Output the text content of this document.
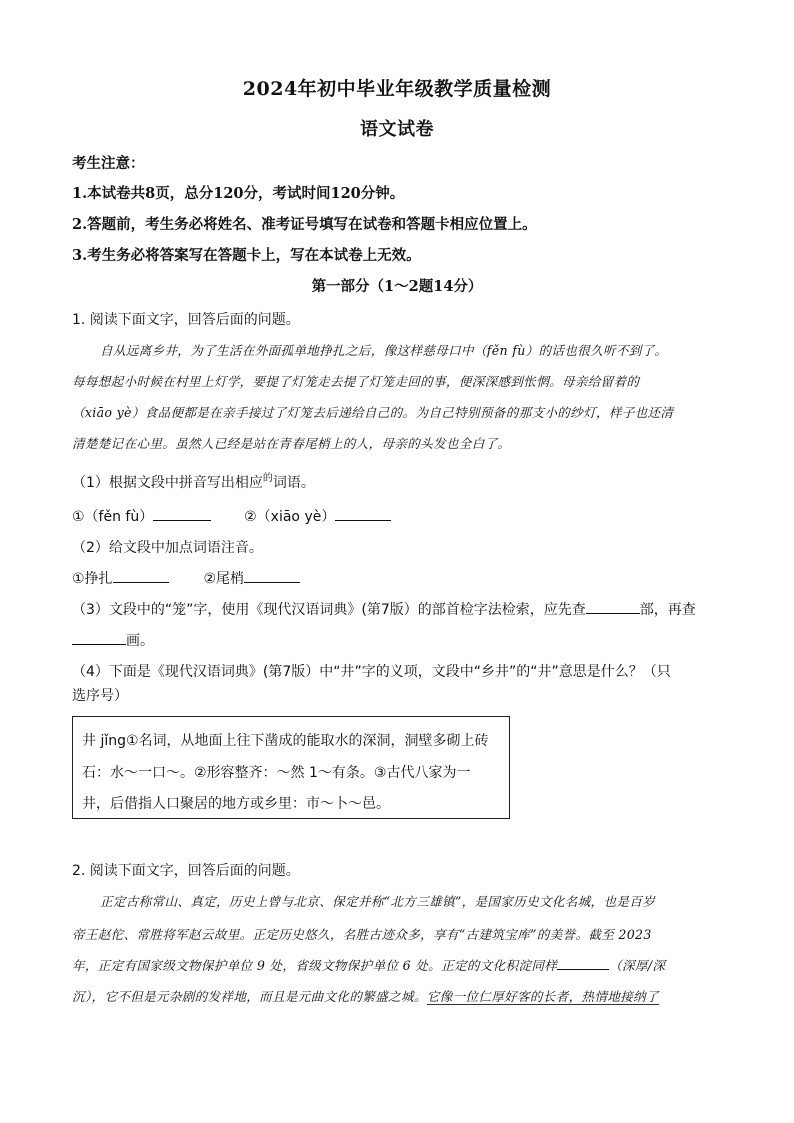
2024年初中毕业年级教学质量检测
语文试卷
考生注意：
1.本试卷共8页，总分120分，考试时间120分钟。
2.答题前，考生务必将姓名、准考证号填写在试卷和答题卡相应位置上。
3.考生务必将答案写在答题卡上，写在本试卷上无效。
第一部分（1～2题14分）
1. 阅读下面文字，回答后面的问题。
自从远离乡井，为了生活在外面孤单地挣扎之后，像这样慈母口中（fěn fù）的话也很久听不到了。
每每想起小时候在村里上灯学，要提了灯笼走去提了灯笼走回的事，便深深感到怅惘。母亲给留着的
（xiāo yè）食品便都是在亲手接过了灯笼去后递给自己的。为自己特别预备的那支小的纱灯，样子也还清
清楚楚记在心里。虽然人已经是站在青春尾梢上的人，母亲的头发也全白了。
（1）根据文段中拼音写出相应$^的$词语。
①（fěn fù）	②（xiāo yè）
（2）给文段中加点词语注音。
①挣扎	②尾梢
（3）文段中的“笼”字，使用《现代汉语词典》(第7版）的部首检字法检索，应先查	部，再查
画。
（4）下面是《现代汉语词典》(第7版）中“井”字的义项，文段中“乡井”的“井”意思是什么？（只
选序号）
井 jǐng①名词，从地面上往下凿成的能取水的深洞，洞壁多砌上砖
石：水～一口～。②形容整齐：～然 1～有条。③古代八家为一
井，后借指人口聚居的地方或乡里：市～卜～邑。
2. 阅读下面文字，回答后面的问题。
正定古称常山、真定，历史上曾与北京、保定并称“北方三雄镇”，是国家历史文化名城，也是百岁
帝王赵佗、常胜将军赵云故里。正定历史悠久，名胜古迹众多，享有“古建筑宝库”的美誉。截至 2023
年，正定有国家级文物保护单位 9 处，省级文物保护单位 6 处。正定的文化积淀同样	（深厚/深
沉），它不但是元杂剧的发祥地，而且是元曲文化的繁盛之城。它像一位仁厚好客的长者，热情地接纳了
